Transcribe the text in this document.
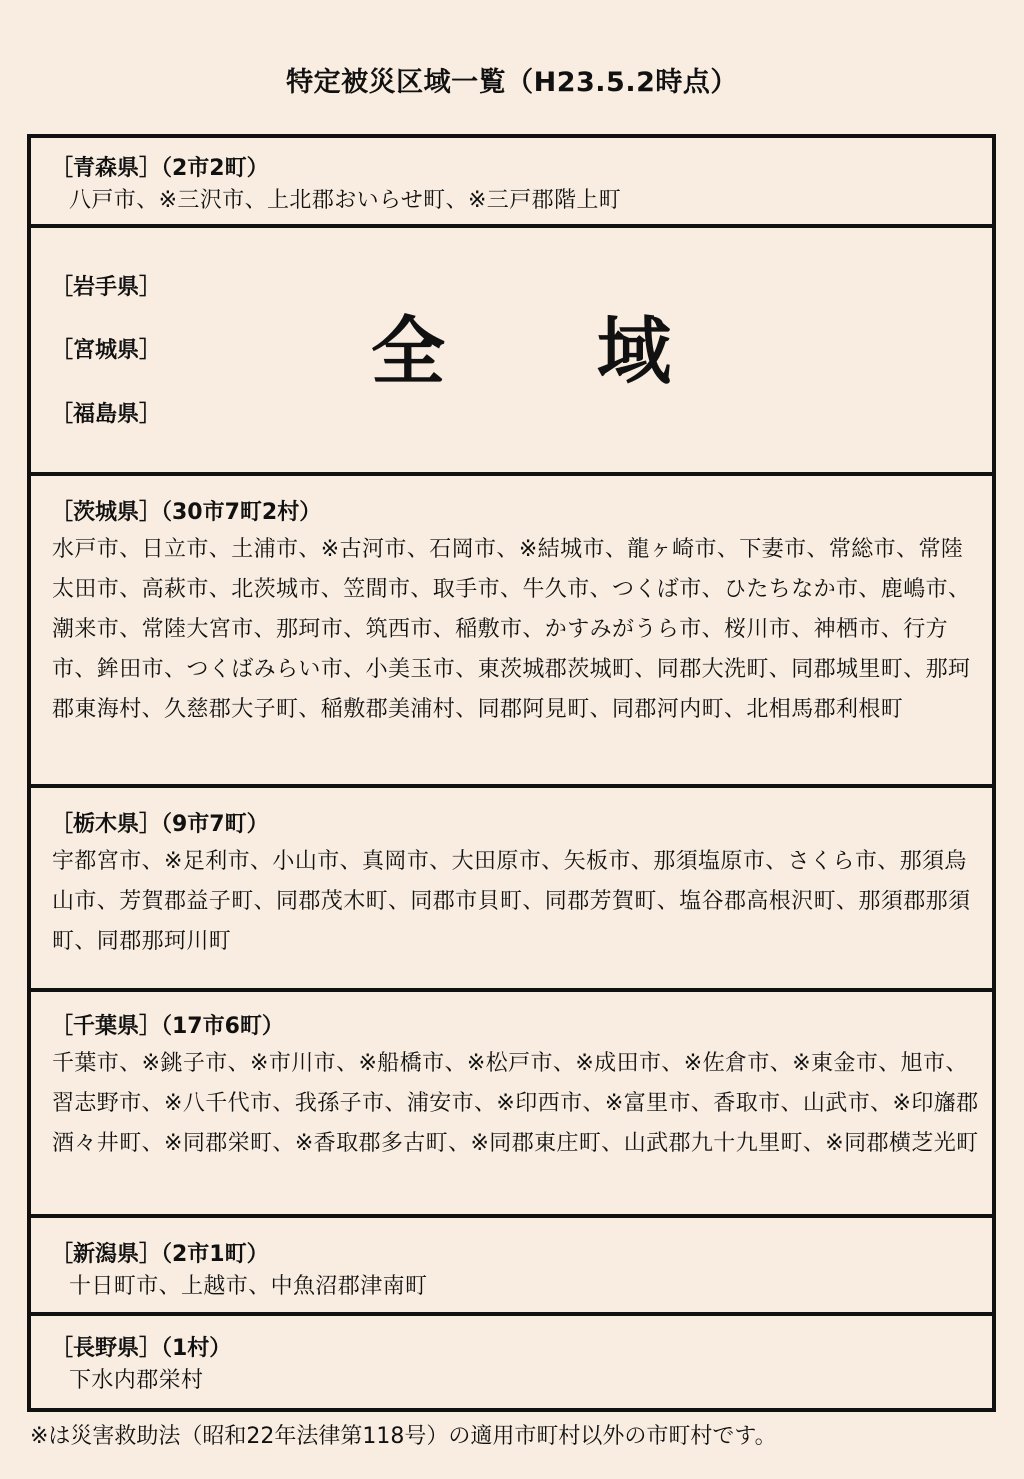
特定被災区域一覧（H23.5.2時点）
［青森県］（2市2町）
八戸市、※三沢市、上北郡おいらせ町、※三戸郡階上町
［岩手県］
［宮城県］
［福島県］
全 域
［茨城県］（30市7町2村）
水戸市、日立市、土浦市、※古河市、石岡市、※結城市、龍ヶ崎市、下妻市、常総市、常陸太田市、高萩市、北茨城市、笠間市、取手市、牛久市、つくば市、ひたちなか市、鹿嶋市、潮来市、常陸大宮市、那珂市、筑西市、稲敷市、かすみがうら市、桜川市、神栖市、行方市、鉾田市、つくばみらい市、小美玉市、東茨城郡茨城町、同郡大洗町、同郡城里町、那珂郡東海村、久慈郡大子町、稲敷郡美浦村、同郡阿見町、同郡河内町、北相馬郡利根町
［栃木県］（9市7町）
宇都宮市、※足利市、小山市、真岡市、大田原市、矢板市、那須塩原市、さくら市、那須烏山市、芳賀郡益子町、同郡茂木町、同郡市貝町、同郡芳賀町、塩谷郡高根沢町、那須郡那須町、同郡那珂川町
［千葉県］（17市6町）
千葉市、※銚子市、※市川市、※船橋市、※松戸市、※成田市、※佐倉市、※東金市、旭市、習志野市、※八千代市、我孫子市、浦安市、※印西市、※富里市、香取市、山武市、※印旛郡酒々井町、※同郡栄町、※香取郡多古町、※同郡東庄町、山武郡九十九里町、※同郡横芝光町
［新潟県］（2市1町）
十日町市、上越市、中魚沼郡津南町
［長野県］（1村）
下水内郡栄村
※は災害救助法（昭和22年法律第118号）の適用市町村以外の市町村です。
